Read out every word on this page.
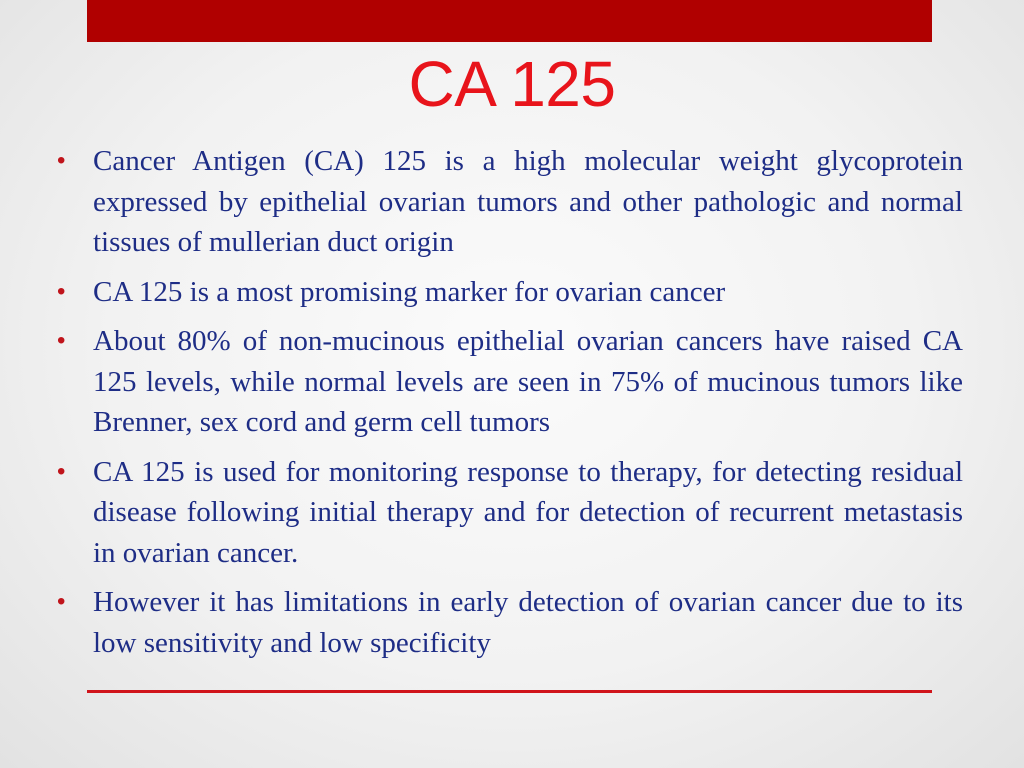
CA 125
• Cancer Antigen (CA) 125 is a high molecular weight glycoprotein expressed by epithelial ovarian tumors and other pathologic and normal tissues of mullerian duct origin
• CA 125 is a most promising marker for ovarian cancer
• About 80% of non-mucinous epithelial ovarian cancers have raised CA 125 levels, while normal levels are seen in 75% of mucinous tumors like Brenner, sex cord and germ cell tumors
• CA 125 is used for monitoring response to therapy, for detecting residual disease following initial therapy and for detection of recurrent metastasis in ovarian cancer.
• However it has limitations in early detection of ovarian cancer due to its low sensitivity and low specificity
